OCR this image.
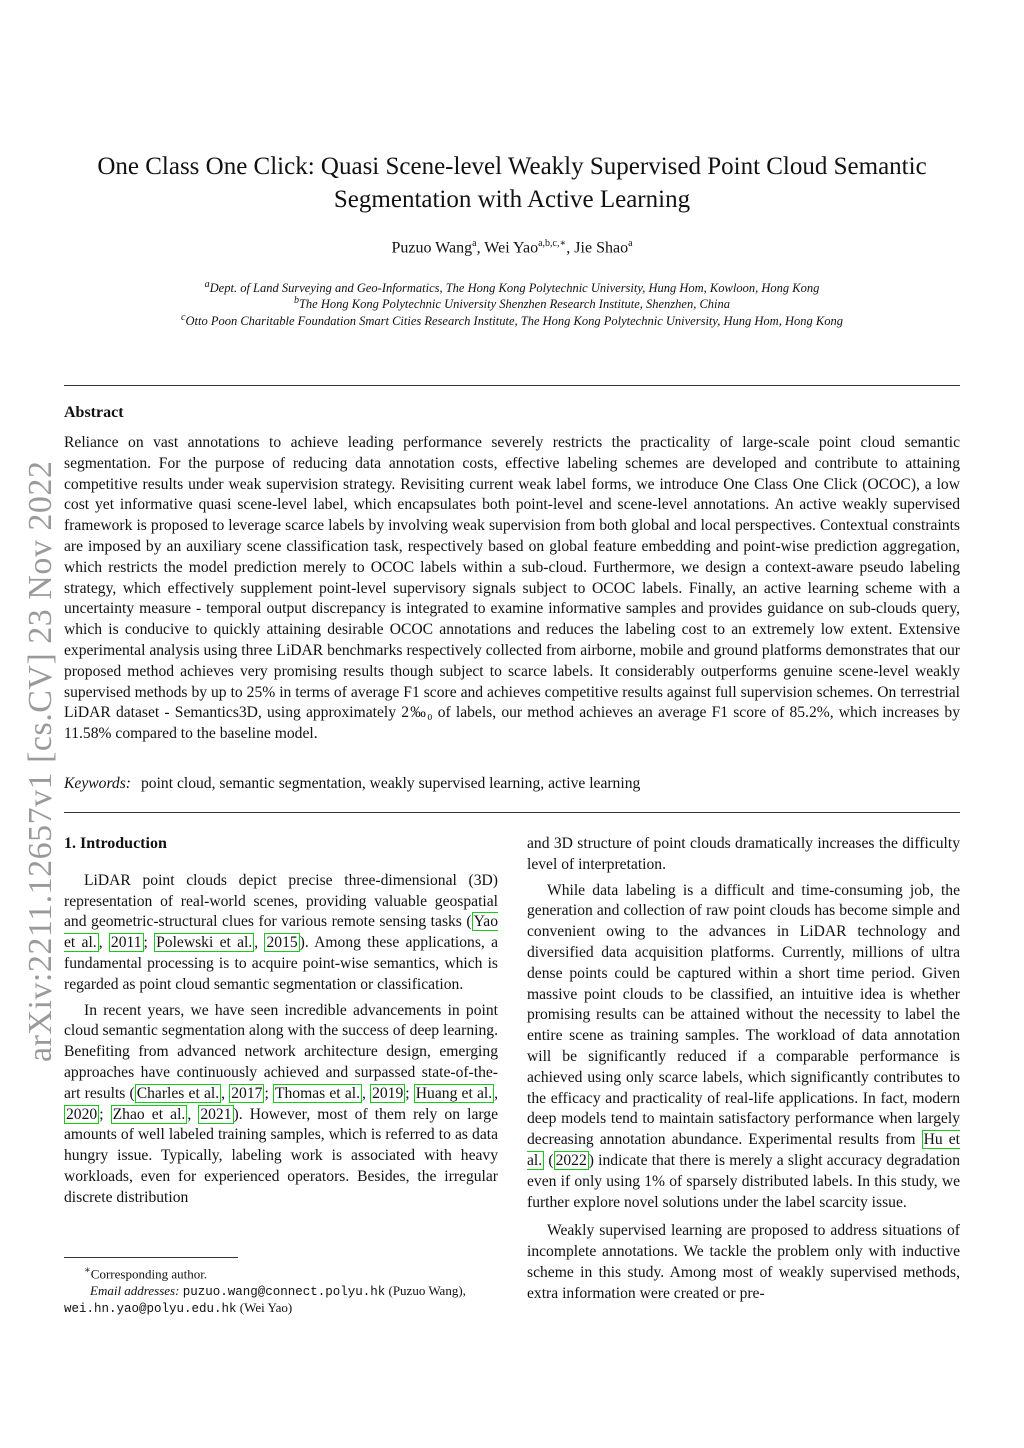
arXiv:2211.12657v1 [cs.CV] 23 Nov 2022
One Class One Click: Quasi Scene-level Weakly Supervised Point Cloud Semantic
Segmentation with Active Learning
Puzuo Wang$^a$, Wei Yao$^{a,b,c,∗}$, Jie Shao$^a$
$^a$Dept. of Land Surveying and Geo-Informatics, The Hong Kong Polytechnic University, Hung Hom, Kowloon, Hong Kong
$^b$The Hong Kong Polytechnic University Shenzhen Research Institute, Shenzhen, China
$^c$Otto Poon Charitable Foundation Smart Cities Research Institute, The Hong Kong Polytechnic University, Hung Hom, Hong Kong
Abstract
Reliance on vast annotations to achieve leading performance severely restricts the practicality of large-scale point cloud semantic segmentation. For the purpose of reducing data annotation costs, effective labeling schemes are developed and contribute to attaining competitive results under weak supervision strategy. Revisiting current weak label forms, we introduce One Class One Click (OCOC), a low cost yet informative quasi scene-level label, which encapsulates both point-level and scene-level annotations. An active weakly supervised framework is proposed to leverage scarce labels by involving weak supervision from both global and local perspectives. Contextual constraints are imposed by an auxiliary scene classification task, respectively based on global feature embedding and point-wise prediction aggregation, which restricts the model prediction merely to OCOC labels within a sub-cloud. Furthermore, we design a context-aware pseudo labeling strategy, which effectively supplement point-level supervisory signals subject to OCOC labels. Finally, an active learning scheme with a uncertainty measure - temporal output discrepancy is integrated to examine informative samples and provides guidance on sub-clouds query, which is conducive to quickly attaining desirable OCOC annotations and reduces the labeling cost to an extremely low extent. Extensive experimental analysis using three LiDAR benchmarks respectively collected from airborne, mobile and ground platforms demonstrates that our proposed method achieves very promising results though subject to scarce labels. It considerably outperforms genuine scene-level weakly supervised methods by up to 25% in terms of average F1 score and achieves competitive results against full supervision schemes. On terrestrial LiDAR dataset - Semantics3D, using approximately 2‰₀ of labels, our method achieves an average F1 score of 85.2%, which increases by 11.58% compared to the baseline model.
Keywords: point cloud, semantic segmentation, weakly supervised learning, active learning
1. Introduction

LiDAR point clouds depict precise three-dimensional (3D) representation of real-world scenes, providing valuable geospatial and geometric-structural clues for various remote sensing tasks ( Yao et al. , 2011 ; Polewski et al. , 2015 ). Among these applications, a fundamental processing is to acquire point-wise semantics, which is regarded as point cloud semantic segmentation or classification.

In recent years, we have seen incredible advancements in point cloud semantic segmentation along with the success of deep learning. Benefiting from advanced network architecture design, emerging approaches have continuously achieved and surpassed state-of-the-art results ( Charles et al. , 2017 ; Thomas et al. , 2019 ; Huang et al. , 2020 ; Zhao et al. , 2021 ). However, most of them rely on large amounts of well labeled training samples, which is referred to as data hungry issue. Typically, labeling work is associated with heavy workloads, even for experienced operators. Besides, the irregular discrete distribution

∗Corresponding author.
Email addresses: puzuo.wang@connect.polyu.hk (Puzuo Wang),
wei.hn.yao@polyu.edu.hk (Wei Yao)

and 3D structure of point clouds dramatically increases the difficulty level of interpretation.

While data labeling is a difficult and time-consuming job, the generation and collection of raw point clouds has become simple and convenient owing to the advances in LiDAR technology and diversified data acquisition platforms. Currently, millions of ultra dense points could be captured within a short time period. Given massive point clouds to be classified, an intuitive idea is whether promising results can be attained without the necessity to label the entire scene as training samples. The workload of data annotation will be significantly reduced if a comparable performance is achieved using only scarce labels, which significantly contributes to the efficacy and practicality of real-life applications. In fact, modern deep models tend to maintain satisfactory performance when largely decreasing annotation abundance. Experimental results from Hu et al. ( 2022 ) indicate that there is merely a slight accuracy degradation even if only using 1% of sparsely distributed labels. In this study, we further explore novel solutions under the label scarcity issue.

Weakly supervised learning are proposed to address situations of incomplete annotations. We tackle the problem only with inductive scheme in this study. Among most of weakly supervised methods, extra information were created or pre-
